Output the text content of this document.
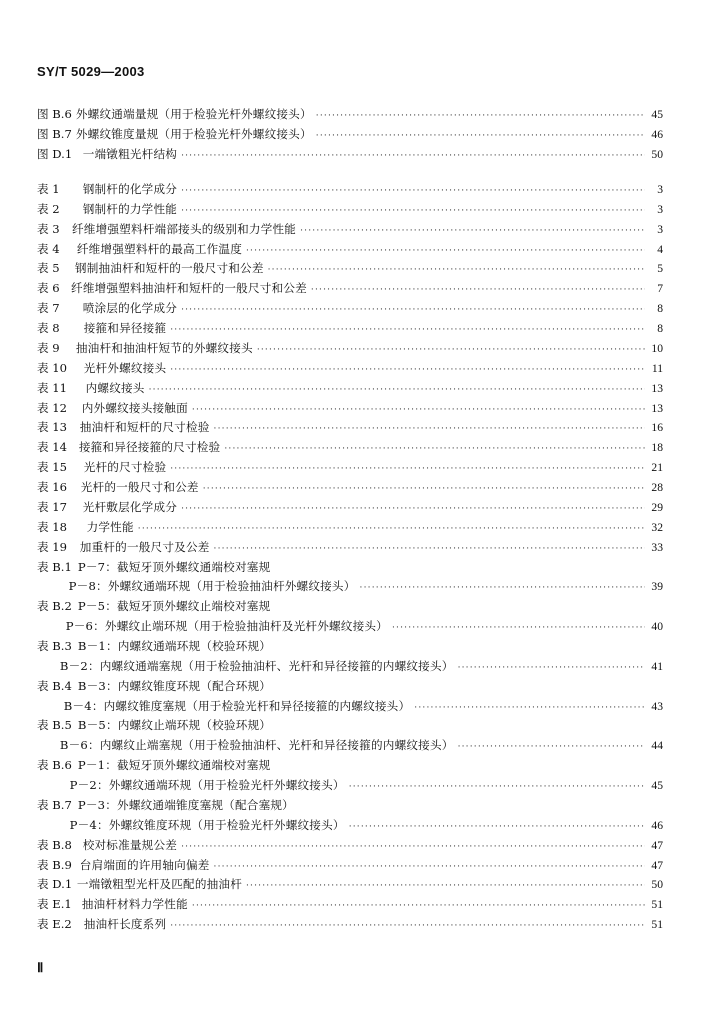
SY/T 5029—2003
图 B.6 外螺纹通端量规（用于检验光杆外螺纹接头） ·····	45
图 B.7 外螺纹锥度量规（用于检验光杆外螺纹接头） ·····	46
图 D.1 一端镦粗光杆结构 ·····	50
表 1	钢制杆的化学成分 ·····	3
表 2	钢制杆的力学性能 ·····	3
表 3	纤维增强塑料杆端部接头的级别和力学性能 ·····	3
表 4	纤维增强塑料杆的最高工作温度 ·····	4
表 5	钢制抽油杆和短杆的一般尺寸和公差 ·····	5
表 6 纤维增强塑料抽油杆和短杆的一般尺寸和公差 ·····	7
表 7	喷涂层的化学成分 ·····	8
表 8	接箍和异径接箍 ·····	8
表 9	抽油杆和抽油杆短节的外螺纹接头 ·····	10
表 10	光杆外螺纹接头 ·····	11
表 11	内螺纹接头 ·····	13
表 12	内外螺纹接头接触面 ·····	13
表 13	抽油杆和短杆的尺寸检验 ·····	16
表 14	接箍和异径接箍的尺寸检验 ·····	18
表 15	光杆的尺寸检验 ·····	21
表 16	光杆的一般尺寸和公差 ·····	28
表 17	光杆敷层化学成分 ·····	29
表 18	力学性能 ·····	32
表 19	加重杆的一般尺寸及公差 ·····	33
表 B.1 P－7：截短牙顶外螺纹通端校对塞规
P－8：外螺纹通端环规（用于检验抽油杆外螺纹接头） ·····	39
表 B.2 P－5：截短牙顶外螺纹止端校对塞规
P－6：外螺纹止端环规（用于检验抽油杆及光杆外螺纹接头） ·····	40
表 B.3 B－1：内螺纹通端环规（校验环规）
B－2：内螺纹通端塞规（用于检验抽油杆、光杆和异径接箍的内螺纹接头） ·····	41
表 B.4 B－3：内螺纹锥度环规（配合环规）
B－4：内螺纹锥度塞规（用于检验光杆和异径接箍的内螺纹接头） ·····	43
表 B.5 B－5：内螺纹止端环规（校验环规）
B－6：内螺纹止端塞规（用于检验抽油杆、光杆和异径接箍的内螺纹接头） ·····	44
表 B.6 P－1：截短牙顶外螺纹通端校对塞规
P－2：外螺纹通端环规（用于检验光杆外螺纹接头） ·····	45
表 B.7 P－3：外螺纹通端锥度塞规（配合塞规）
P－4：外螺纹锥度环规（用于检验光杆外螺纹接头） ·····	46
表 B.8 校对标准量规公差 ·····	47
表 B.9 台肩端面的许用轴向偏差 ·····	47
表 D.1 一端镦粗型光杆及匹配的抽油杆 ·····	50
表 E.1 抽油杆材料力学性能 ·····	51
表 E.2	抽油杆长度系列 ·····	51
Ⅱ
